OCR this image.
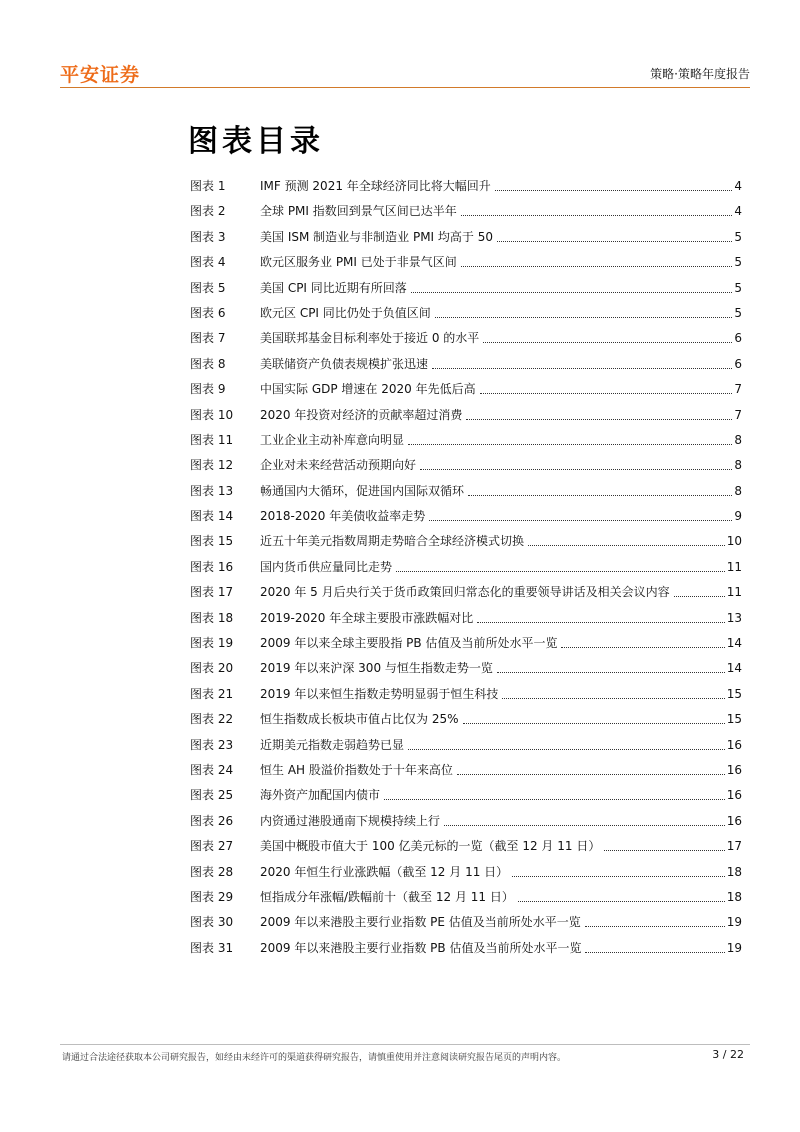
平安证券	策略·策略年度报告
图表目录
图表 1	IMF 预测 2021 年全球经济同比将大幅回升	4
图表 2	全球 PMI 指数回到景气区间已达半年	4
图表 3	美国 ISM 制造业与非制造业 PMI 均高于 50	5
图表 4	欧元区服务业 PMI 已处于非景气区间	5
图表 5	美国 CPI 同比近期有所回落	5
图表 6	欧元区 CPI 同比仍处于负值区间	5
图表 7	美国联邦基金目标利率处于接近 0 的水平	6
图表 8	美联储资产负债表规模扩张迅速	6
图表 9	中国实际 GDP 增速在 2020 年先低后高	7
图表 10	2020 年投资对经济的贡献率超过消费	7
图表 11	工业企业主动补库意向明显	8
图表 12	企业对未来经营活动预期向好	8
图表 13	畅通国内大循环，促进国内国际双循环	8
图表 14	2018-2020 年美债收益率走势	9
图表 15	近五十年美元指数周期走势暗合全球经济模式切换	10
图表 16	国内货币供应量同比走势	11
图表 17	2020 年 5 月后央行关于货币政策回归常态化的重要领导讲话及相关会议内容	11
图表 18	2019-2020 年全球主要股市涨跌幅对比	13
图表 19	2009 年以来全球主要股指 PB 估值及当前所处水平一览	14
图表 20	2019 年以来沪深 300 与恒生指数走势一览	14
图表 21	2019 年以来恒生指数走势明显弱于恒生科技	15
图表 22	恒生指数成长板块市值占比仅为 25%	15
图表 23	近期美元指数走弱趋势已显	16
图表 24	恒生 AH 股溢价指数处于十年来高位	16
图表 25	海外资产加配国内债市	16
图表 26	内资通过港股通南下规模持续上行	16
图表 27	美国中概股市值大于 100 亿美元标的一览（截至 12 月 11 日）	17
图表 28	2020 年恒生行业涨跌幅（截至 12 月 11 日）	18
图表 29	恒指成分年涨幅/跌幅前十（截至 12 月 11 日）	18
图表 30	2009 年以来港股主要行业指数 PE 估值及当前所处水平一览	19
图表 31	2009 年以来港股主要行业指数 PB 估值及当前所处水平一览	19
请通过合法途径获取本公司研究报告，如经由未经许可的渠道获得研究报告，请慎重使用并注意阅读研究报告尾页的声明内容。	3 / 22
